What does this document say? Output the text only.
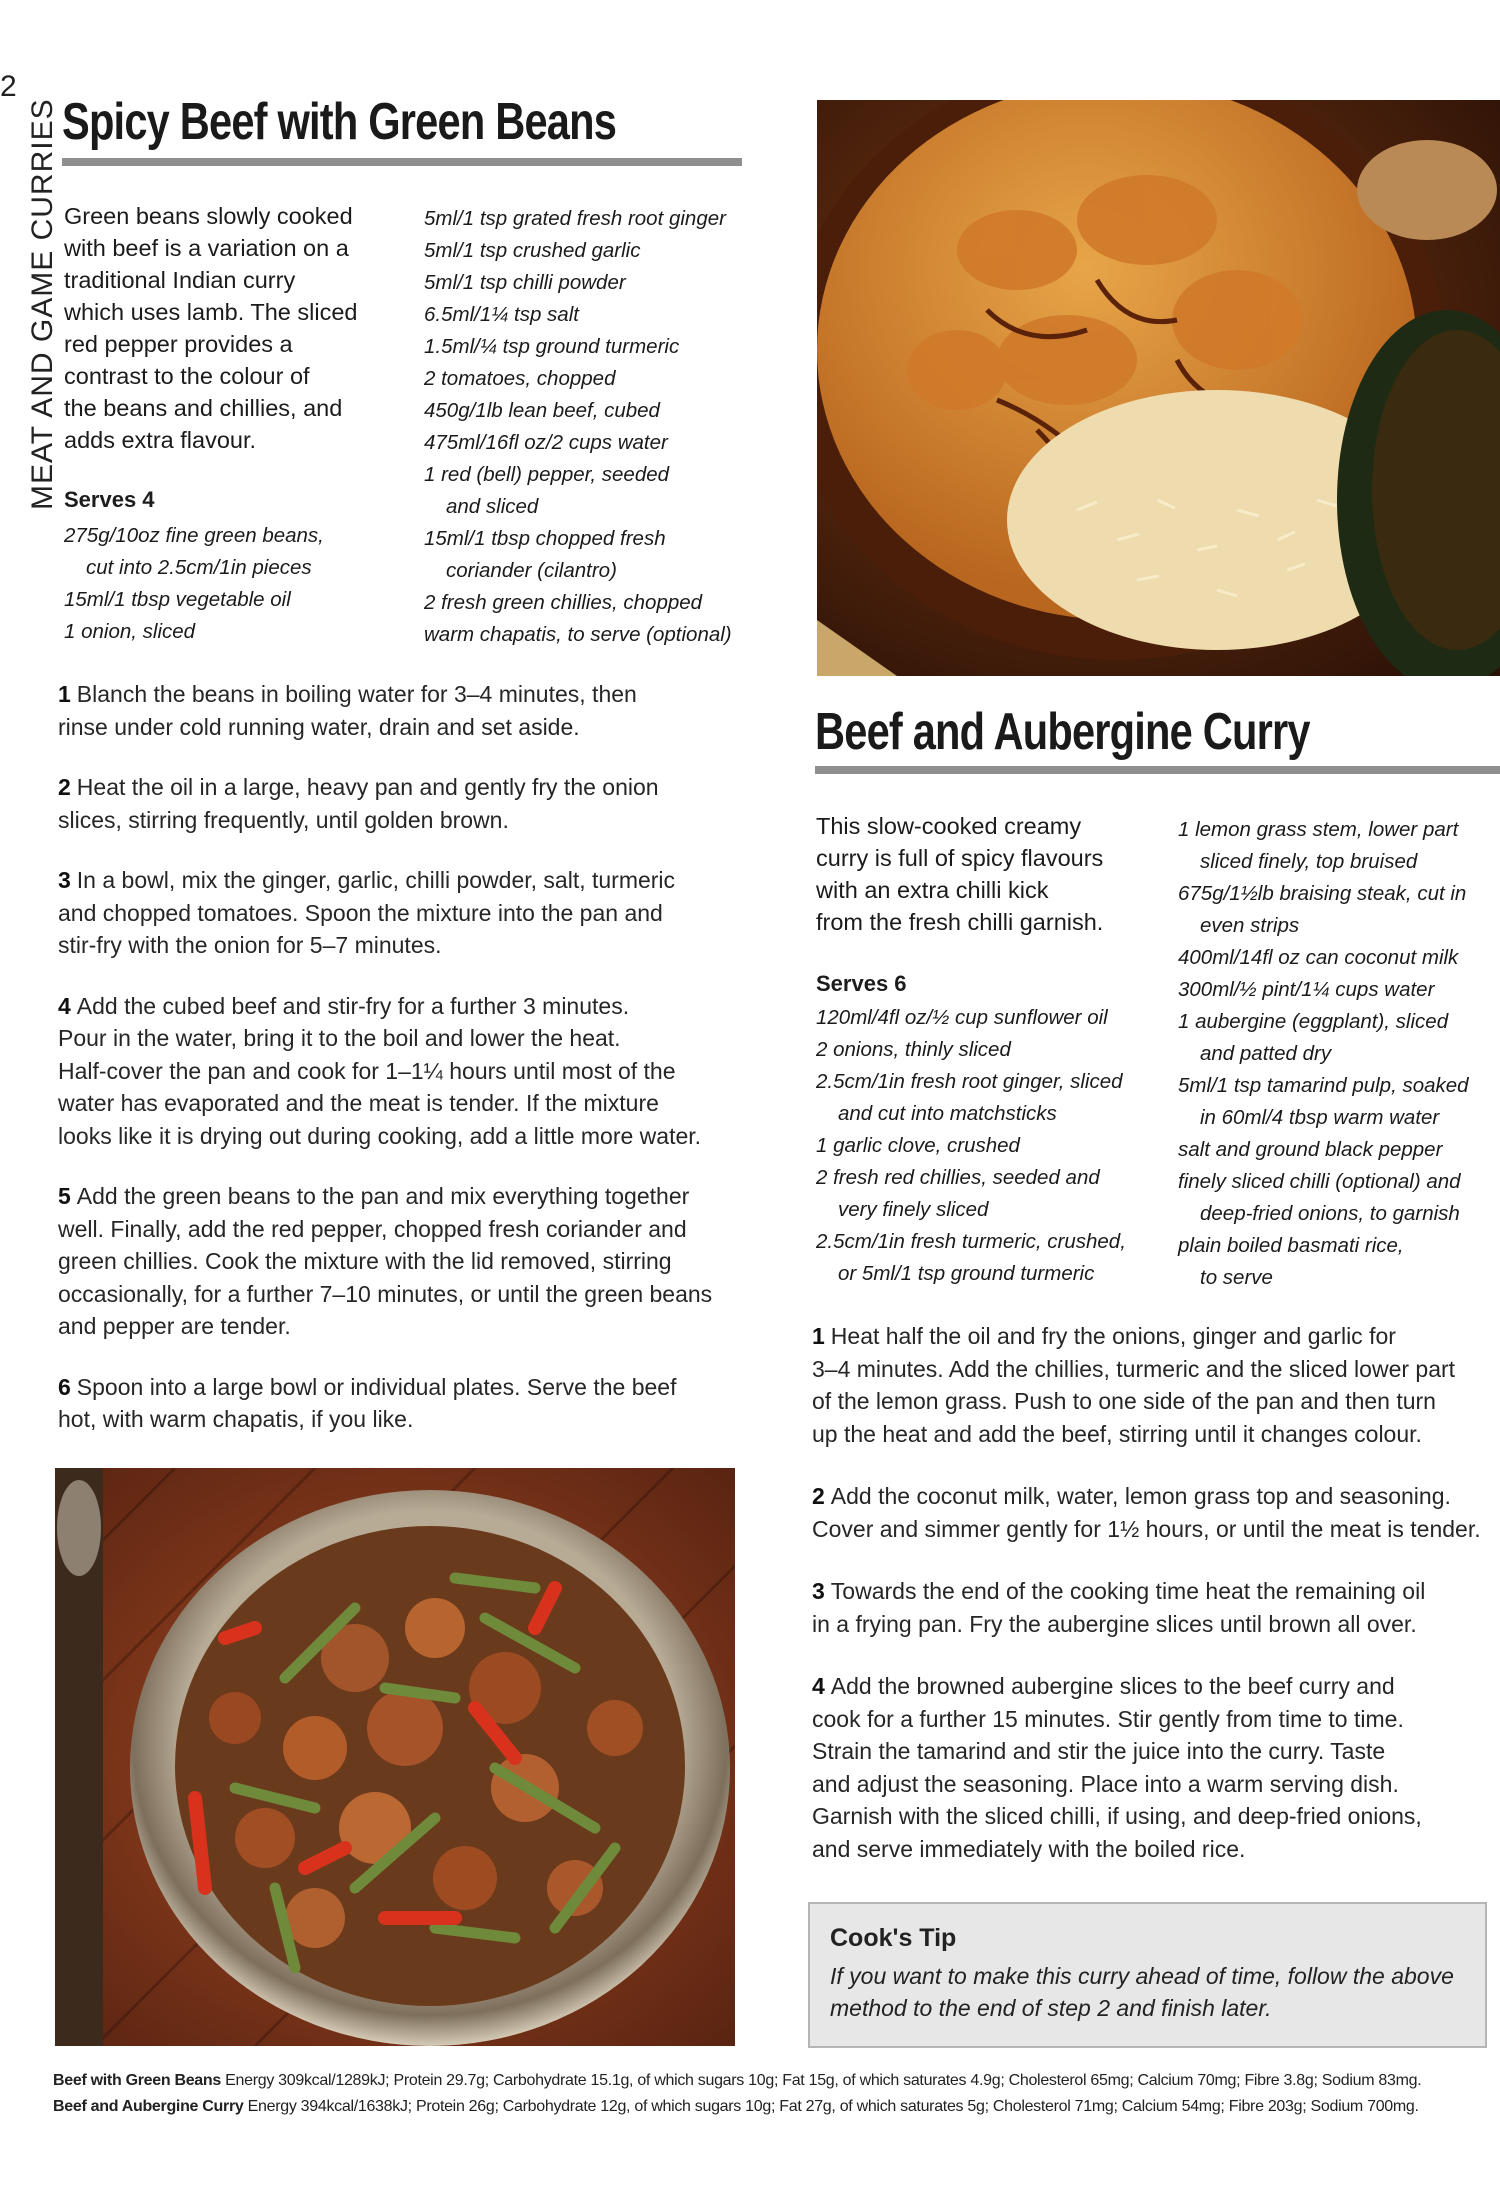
2
MEAT AND GAME CURRIES Spicy Beef with Green Beans
Green beans slowly cooked
with beef is a variation on a
traditional Indian curry
which uses lamb. The sliced
red pepper provides a
contrast to the colour of
the beans and chillies, and
adds extra flavour.
Serves 4
275g/10oz fine green beans,
cut into 2.5cm/1in pieces
15ml/1 tbsp vegetable oil
1 onion, sliced
5ml/1 tsp grated fresh root ginger
5ml/1 tsp crushed garlic
5ml/1 tsp chilli powder
6.5ml/1¼ tsp salt
1.5ml/¼ tsp ground turmeric
2 tomatoes, chopped
450g/1lb lean beef, cubed
475ml/16fl oz/2 cups water
1 red (bell) pepper, seeded
and sliced
15ml/1 tbsp chopped fresh
coriander (cilantro)
2 fresh green chillies, chopped
warm chapatis, to serve (optional)
1 Blanch the beans in boiling water for 3–4 minutes, then
rinse under cold running water, drain and set aside.
2 Heat the oil in a large, heavy pan and gently fry the onion
slices, stirring frequently, until golden brown.
3 In a bowl, mix the ginger, garlic, chilli powder, salt, turmeric
and chopped tomatoes. Spoon the mixture into the pan and
stir-fry with the onion for 5–7 minutes.
4 Add the cubed beef and stir-fry for a further 3 minutes.
Pour in the water, bring it to the boil and lower the heat.
Half-cover the pan and cook for 1–1¼ hours until most of the
water has evaporated and the meat is tender. If the mixture
looks like it is drying out during cooking, add a little more water.
5 Add the green beans to the pan and mix everything together
well. Finally, add the red pepper, chopped fresh coriander and
green chillies. Cook the mixture with the lid removed, stirring
occasionally, for a further 7–10 minutes, or until the green beans
and pepper are tender.
6 Spoon into a large bowl or individual plates. Serve the beef
hot, with warm chapatis, if you like.
Beef and Aubergine Curry
This slow-cooked creamy
curry is full of spicy flavours
with an extra chilli kick
from the fresh chilli garnish.
Serves 6
120ml/4fl oz/½ cup sunflower oil
2 onions, thinly sliced
2.5cm/1in fresh root ginger, sliced
and cut into matchsticks
1 garlic clove, crushed
2 fresh red chillies, seeded and
very finely sliced
2.5cm/1in fresh turmeric, crushed,
or 5ml/1 tsp ground turmeric
1 lemon grass stem, lower part
sliced finely, top bruised
675g/1½lb braising steak, cut in
even strips
400ml/14fl oz can coconut milk
300ml/½ pint/1¼ cups water
1 aubergine (eggplant), sliced
and patted dry
5ml/1 tsp tamarind pulp, soaked
in 60ml/4 tbsp warm water
salt and ground black pepper
finely sliced chilli (optional) and
deep-fried onions, to garnish
plain boiled basmati rice,
to serve
1 Heat half the oil and fry the onions, ginger and garlic for
3–4 minutes. Add the chillies, turmeric and the sliced lower part
of the lemon grass. Push to one side of the pan and then turn
up the heat and add the beef, stirring until it changes colour.
2 Add the coconut milk, water, lemon grass top and seasoning.
Cover and simmer gently for 1½ hours, or until the meat is tender.
3 Towards the end of the cooking time heat the remaining oil
in a frying pan. Fry the aubergine slices until brown all over.
4 Add the browned aubergine slices to the beef curry and
cook for a further 15 minutes. Stir gently from time to time.
Strain the tamarind and stir the juice into the curry. Taste
and adjust the seasoning. Place into a warm serving dish.
Garnish with the sliced chilli, if using, and deep-fried onions,
and serve immediately with the boiled rice.
Cook's Tip
If you want to make this curry ahead of time, follow the above
method to the end of step 2 and finish later.
Beef with Green Beans Energy 309kcal/1289kJ; Protein 29.7g; Carbohydrate 15.1g, of which sugars 10g; Fat 15g, of which saturates 4.9g; Cholesterol 65mg; Calcium 70mg; Fibre 3.8g; Sodium 83mg.
Beef and Aubergine Curry Energy 394kcal/1638kJ; Protein 26g; Carbohydrate 12g, of which sugars 10g; Fat 27g, of which saturates 5g; Cholesterol 71mg; Calcium 54mg; Fibre 203g; Sodium 700mg.
